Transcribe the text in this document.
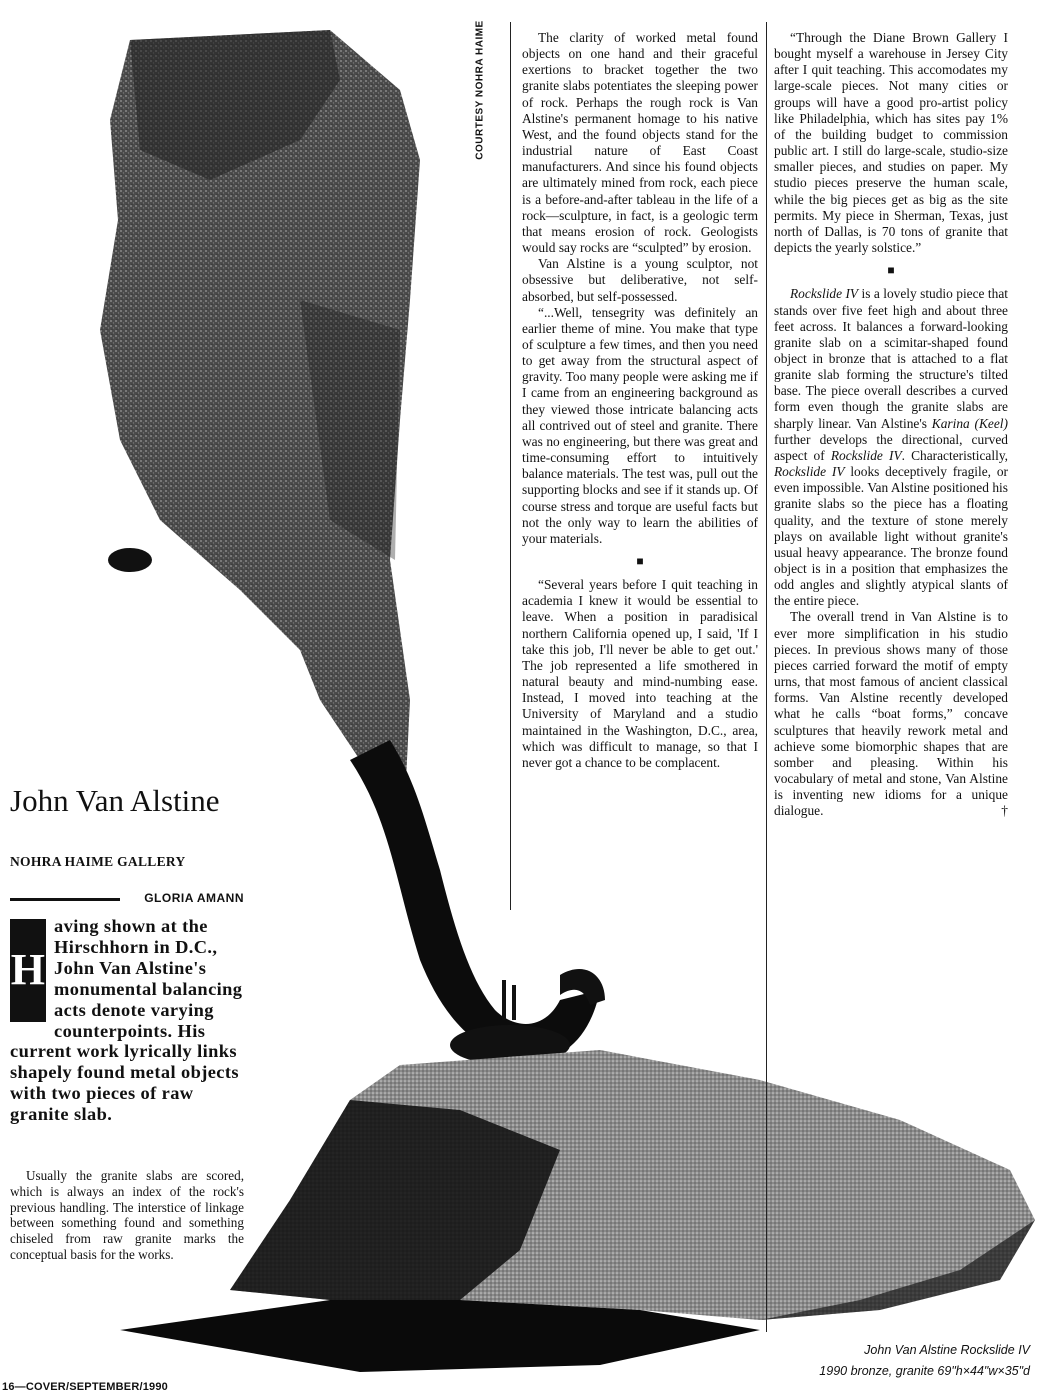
COURTESY NOHRA HAIME	The clarity of worked metal found objects on one hand and their graceful exertions to bracket together the two granite slabs potentiates the sleeping power of rock. Perhaps the rough rock is Van Alstine's permanent homage to his native West, and the found objects stand for the industrial nature of East Coast manufacturers. And since his found objects are ultimately mined from rock, each piece is a before-and-after tableau in the life of a rock—sculpture, in fact, is a geologic term that means erosion of rock. Geologists would say rocks are “sculpted” by erosion.

Van Alstine is a young sculptor, not obsessive but deliberative, not self-absorbed, but self-possessed.

“...Well, tensegrity was definitely an earlier theme of mine. You make that type of sculpture a few times, and then you need to get away from the structural aspect of gravity. Too many people were asking me if I came from an engineering background as they viewed those intricate balancing acts all contrived out of steel and granite. There was no engineering, but there was great and time-consuming effort to intuitively balance materials. The test was, pull out the supporting blocks and see if it stands up. Of course stress and torque are useful facts but not the only way to learn the abilities of your materials.

■

“Several years before I quit teaching in academia I knew it would be essential to leave. When a position in paradisical northern California opened up, I said, 'If I take this job, I'll never be able to get out.' The job represented a life smothered in natural beauty and mind-numbing ease. Instead, I moved into teaching at the University of Maryland and a studio maintained in the Washington, D.C., area, which was difficult to manage, so that I never got a chance to be complacent.

“Through the Diane Brown Gallery I bought myself a warehouse in Jersey City after I quit teaching. This accomodates my large-scale pieces. Not many cities or groups will have a good pro-artist policy like Philadelphia, which has sites pay 1% of the building budget to commission public art. I still do large-scale, studio-size smaller pieces, and studies on paper. My studio pieces preserve the human scale, while the big pieces get as big as the site permits. My piece in Sherman, Texas, just north of Dallas, is 70 tons of granite that depicts the yearly solstice.”

■

Rockslide IV is a lovely studio piece that stands over five feet high and about three feet across. It balances a forward-looking granite slab on a scimitar-shaped found object in bronze that is attached to a flat granite slab forming the structure's tilted base. The piece overall describes a curved form even though the granite slabs are sharply linear. Van Alstine's Karina (Keel) further develops the directional, curved aspect of Rockslide IV. Characteristically, Rockslide IV looks deceptively fragile, or even impossible. Van Alstine positioned his granite slabs so the piece has a floating quality, and the texture of stone merely plays on available light without granite's usual heavy appearance. The bronze found object is in a position that emphasizes the odd angles and slightly atypical slants of the entire piece.

The overall trend in Van Alstine is to ever more simplification in his studio pieces. In previous shows many of those pieces carried forward the motif of empty urns, that most famous of ancient classical forms. Van Alstine recently developed what he calls “boat forms,” concave sculptures that heavily rework metal and achieve some biomorphic shapes that are somber and pleasing. Within his vocabulary of metal and stone, Van Alstine is inventing new idioms for a unique dialogue.	†

John Van Alstine
NOHRA HAIME GALLERY
GLORIA AMANN

H
aving shown at the Hirschhorn in D.C., John Van Alstine's monumental balancing acts denote varying counterpoints. His current work lyrically links shapely found metal objects with two pieces of raw granite slab.

Usually the granite slabs are scored, which is always an index of the rock's previous handling. The interstice of linkage between something found and something chiseled from raw granite marks the conceptual basis for the works.

John Van Alstine Rockslide IV
1990 bronze, granite 69"h×44"w×35"d
16—COVER/SEPTEMBER/1990
